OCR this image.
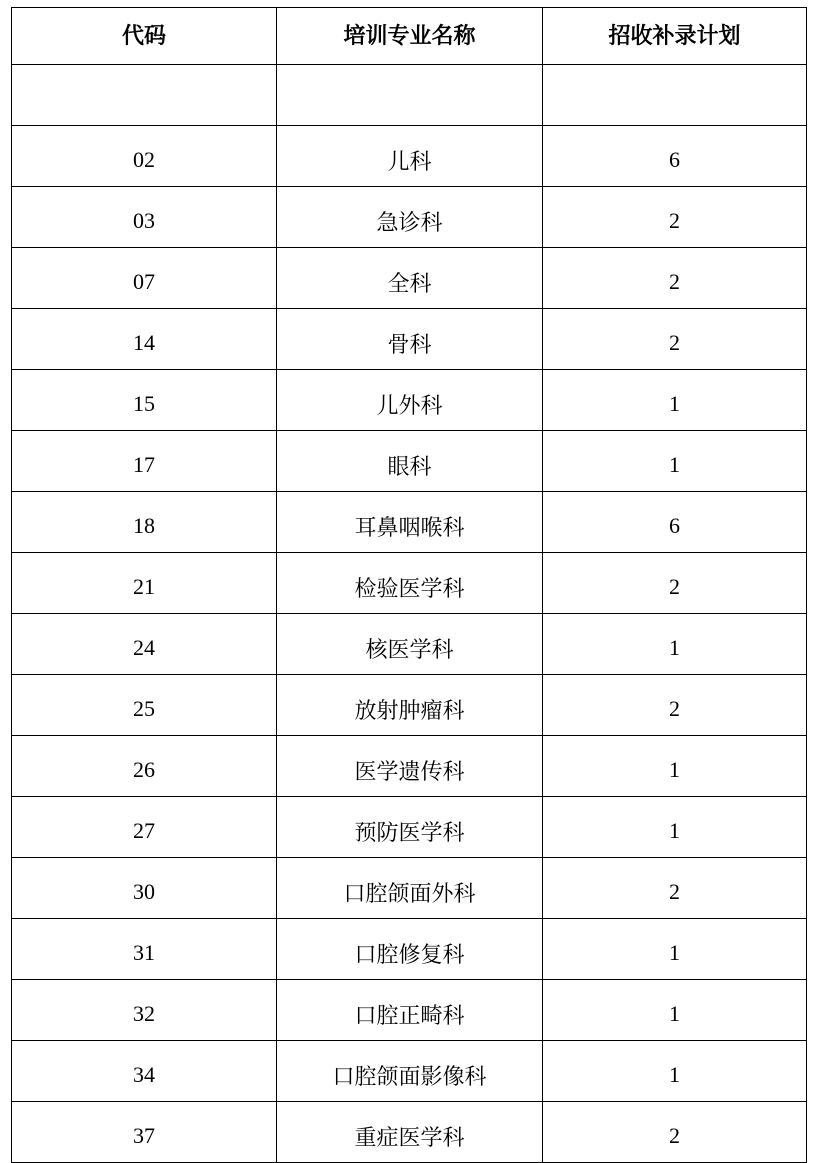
代码	培训专业名称	招收补录计划

02	儿科	6
03	急诊科	2
07	全科	2
14	骨科	2
15	儿外科	1
17	眼科	1
18	耳鼻咽喉科	6
21	检验医学科	2
24	核医学科	1
25	放射肿瘤科	2
26	医学遗传科	1
27	预防医学科	1
30	口腔颌面外科	2
31	口腔修复科	1
32	口腔正畸科	1
34	口腔颌面影像科	1
37	重症医学科	2
